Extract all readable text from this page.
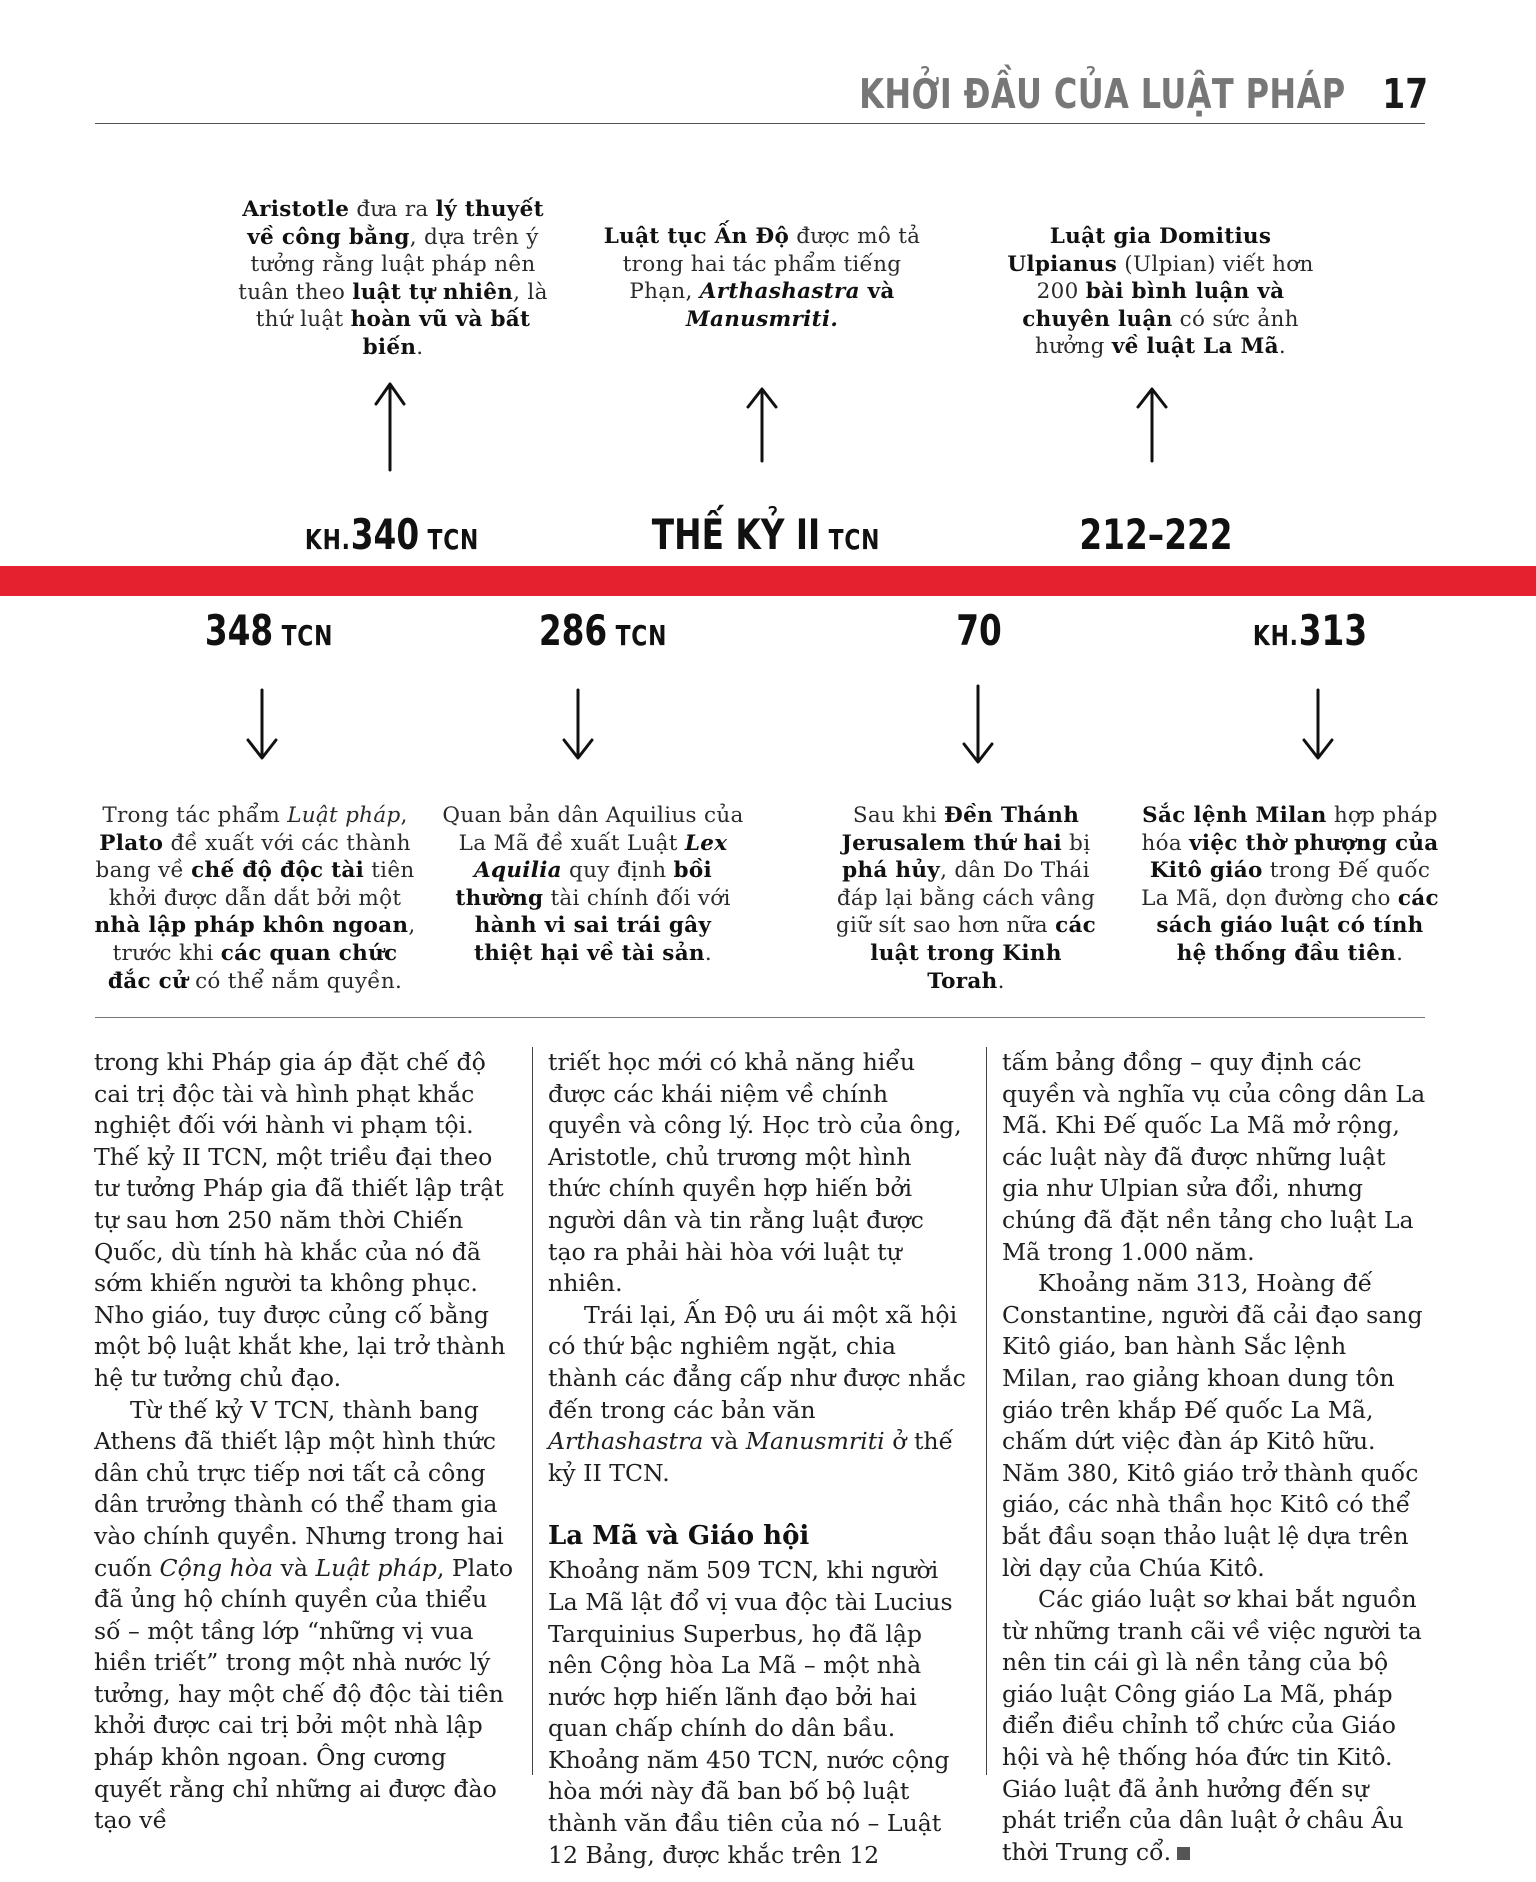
KHỞI ĐẦU CỦA LUẬT PHÁP 17
Aristotle đưa ra lý thuyết về công bằng, dựa trên ý tưởng rằng luật pháp nên tuân theo luật tự nhiên, là thứ luật hoàn vũ và bất biến.
Luật tục Ấn Độ được mô tả trong hai tác phẩm tiếng Phạn, Arthashastra và Manusmriti.
Luật gia Domitius Ulpianus (Ulpian) viết hơn 200 bài bình luận và chuyên luận có sức ảnh hưởng về luật La Mã.
KH.340 TCN	THẾ KỶ II TCN	212–222
348 TCN	286 TCN	70	KH.313
Trong tác phẩm Luật pháp, Plato đề xuất với các thành bang về chế độ độc tài tiên khởi được dẫn dắt bởi một nhà lập pháp khôn ngoan, trước khi các quan chức đắc cử có thể nắm quyền.
Quan bản dân Aquilius của La Mã đề xuất Luật Lex Aquilia quy định bồi thường tài chính đối với hành vi sai trái gây thiệt hại về tài sản.
Sau khi Đền Thánh Jerusalem thứ hai bị phá hủy, dân Do Thái đáp lại bằng cách vâng giữ sít sao hơn nữa các luật trong Kinh Torah.
Sắc lệnh Milan hợp pháp hóa việc thờ phượng của Kitô giáo trong Đế quốc La Mã, dọn đường cho các sách giáo luật có tính hệ thống đầu tiên.

trong khi Pháp gia áp đặt chế độ cai trị độc tài và hình phạt khắc nghiệt đối với hành vi phạm tội. Thế kỷ II TCN, một triều đại theo tư tưởng Pháp gia đã thiết lập trật tự sau hơn 250 năm thời Chiến Quốc, dù tính hà khắc của nó đã sớm khiến người ta không phục. Nho giáo, tuy được củng cố bằng một bộ luật khắt khe, lại trở thành hệ tư tưởng chủ đạo.

Từ thế kỷ V TCN, thành bang Athens đã thiết lập một hình thức dân chủ trực tiếp nơi tất cả công dân trưởng thành có thể tham gia vào chính quyền. Nhưng trong hai cuốn Cộng hòa và Luật pháp, Plato đã ủng hộ chính quyền của thiểu số – một tầng lớp “những vị vua hiền triết” trong một nhà nước lý tưởng, hay một chế độ độc tài tiên khởi được cai trị bởi một nhà lập pháp khôn ngoan. Ông cương quyết rằng chỉ những ai được đào tạo về

triết học mới có khả năng hiểu được các khái niệm về chính quyền và công lý. Học trò của ông, Aristotle, chủ trương một hình thức chính quyền hợp hiến bởi người dân và tin rằng luật được tạo ra phải hài hòa với luật tự nhiên.

Trái lại, Ấn Độ ưu ái một xã hội có thứ bậc nghiêm ngặt, chia thành các đẳng cấp như được nhắc đến trong các bản văn Arthashastra và Manusmriti ở thế kỷ II TCN.

La Mã và Giáo hội

Khoảng năm 509 TCN, khi người La Mã lật đổ vị vua độc tài Lucius Tarquinius Superbus, họ đã lập nên Cộng hòa La Mã – một nhà nước hợp hiến lãnh đạo bởi hai quan chấp chính do dân bầu. Khoảng năm 450 TCN, nước cộng hòa mới này đã ban bố bộ luật thành văn đầu tiên của nó – Luật 12 Bảng, được khắc trên 12

tấm bảng đồng – quy định các quyền và nghĩa vụ của công dân La Mã. Khi Đế quốc La Mã mở rộng, các luật này đã được những luật gia như Ulpian sửa đổi, nhưng chúng đã đặt nền tảng cho luật La Mã trong 1.000 năm.

Khoảng năm 313, Hoàng đế Constantine, người đã cải đạo sang Kitô giáo, ban hành Sắc lệnh Milan, rao giảng khoan dung tôn giáo trên khắp Đế quốc La Mã, chấm dứt việc đàn áp Kitô hữu. Năm 380, Kitô giáo trở thành quốc giáo, các nhà thần học Kitô có thể bắt đầu soạn thảo luật lệ dựa trên lời dạy của Chúa Kitô.

Các giáo luật sơ khai bắt nguồn từ những tranh cãi về việc người ta nên tin cái gì là nền tảng của bộ giáo luật Công giáo La Mã, pháp điển điều chỉnh tổ chức của Giáo hội và hệ thống hóa đức tin Kitô. Giáo luật đã ảnh hưởng đến sự phát triển của dân luật ở châu Âu thời Trung cổ.
